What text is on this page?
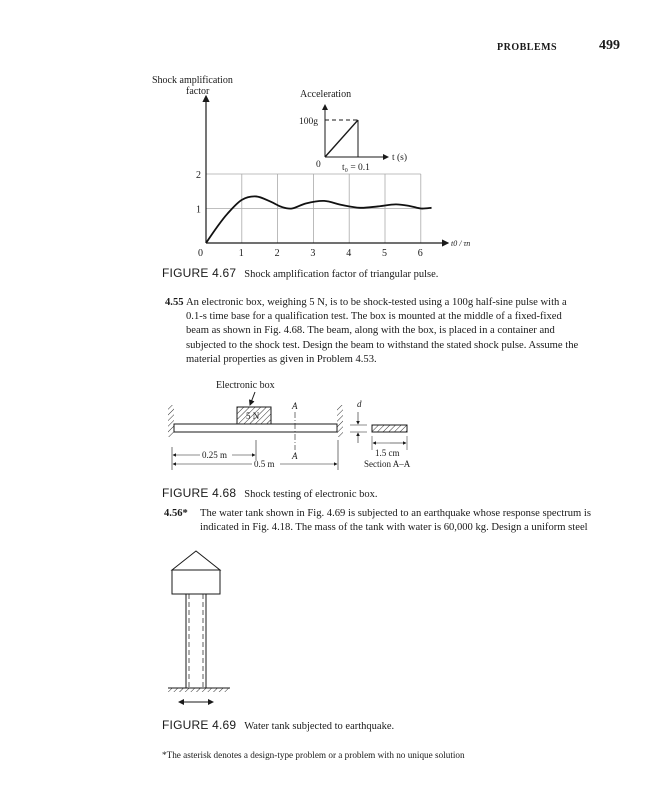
PROBLEMS	499
Shock amplification
factor
1	2	3	4	5	6
1
2
t0 / τn
0
Acceleration
100g
0 t₀ = 0.1
t (s)
FIGURE 4.67 Shock amplification factor of triangular pulse.
4.55 An electronic box, weighing 5 N, is to be shock-tested using a 100g half-sine pulse with a
0.1-s time base for a qualification test. The box is mounted at the middle of a fixed-fixed
beam as shown in Fig. 4.68. The beam, along with the box, is placed in a container and
subjected to the shock test. Design the beam to withstand the stated shock pulse. Assume the
material properties as given in Problem 4.53.
Electronic box
5 N
A
A
0.25 m
0.5 m
d
1.5 cm
Section A–A
FIGURE 4.68 Shock testing of electronic box.
4.56* The water tank shown in Fig. 4.69 is subjected to an earthquake whose response spectrum is
indicated in Fig. 4.18. The mass of the tank with water is 60,000 kg. Design a uniform steel
FIGURE 4.69 Water tank subjected to earthquake.
*The asterisk denotes a design-type problem or a problem with no unique solution
